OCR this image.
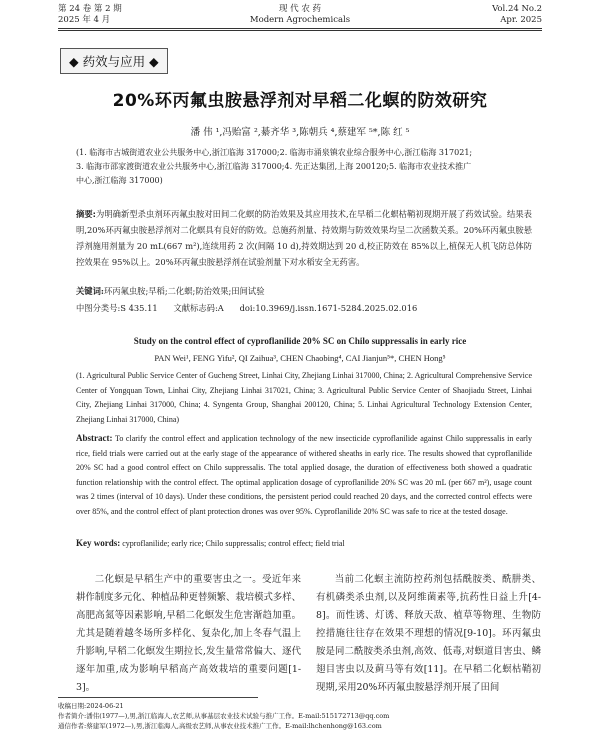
第 24 卷 第 2 期
2025 年 4 月
现 代 农 药
Modern Agrochemicals
Vol.24 No.2
Apr. 2025
◆ 药效与应用 ◆
20%环丙氟虫胺悬浮剂对早稻二化螟的防效研究
潘 伟 ¹,冯贻富 ²,綦齐华 ³,陈朝兵 ⁴,蔡建军 ⁵*,陈 红 ⁵
(1. 临海市古城街道农业公共服务中心,浙江临海 317000;2. 临海市涌泉镇农业综合服务中心,浙江临海 317021;
3. 临海市邵家渡街道农业公共服务中心,浙江临海 317000;4. 先正达集团,上海 200120;5. 临海市农业技术推广
中心,浙江临海 317000)
摘要:为明确新型杀虫剂环丙氟虫胺对田间二化螟的防治效果及其应用技术,在早稻二化螟枯鞘初现期开展了药效试验。结果表明,20%环丙氟虫胺悬浮剂对二化螟具有良好的防效。总施药剂量、持效期与防效效果均呈二次函数关系。20%环丙氟虫胺悬浮剂施用剂量为 20 mL(667 m²),连续用药 2 次(间隔 10 d),持效期达到 20 d,校正防效在 85%以上,植保无人机飞防总体防控效果在 95%以上。20%环丙氟虫胺悬浮剂在试验剂量下对水稻安全无药害。
关键词:环丙氟虫胺;早稻;二化螟;防治效果;田间试验
中图分类号:S 435.11 文献标志码:A doi:10.3969/j.issn.1671-5284.2025.02.016
Study on the control effect of cyproflanilide 20% SC on Chilo suppressalis in early rice
PAN Wei¹, FENG Yifu², QI Zaihua³, CHEN Chaobing⁴, CAI Jianjun⁵*, CHEN Hong⁵
(1. Agricultural Public Service Center of Gucheng Street, Linhai City, Zhejiang Linhai 317000, China; 2. Agricultural Comprehensive Service Center of Yongquan Town, Linhai City, Zhejiang Linhai 317021, China; 3. Agricultural Public Service Center of Shaojiadu Street, Linhai City, Zhejiang Linhai 317000, China; 4. Syngenta Group, Shanghai 200120, China; 5. Linhai Agricultural Technology Extension Center, Zhejiang Linhai 317000, China)
Abstract: To clarify the control effect and application technology of the new insecticide cyproflanilide against Chilo suppressalis in early rice, field trials were carried out at the early stage of the appearance of withered sheaths in early rice. The results showed that cyproflanilide 20% SC had a good control effect on Chilo suppressalis. The total applied dosage, the duration of effectiveness both showed a quadratic function relationship with the control effect. The optimal application dosage of cyproflanilide 20% SC was 20 mL (per 667 m²), usage count was 2 times (interval of 10 days). Under these conditions, the persistent period could reached 20 days, and the corrected control effects were over 85%, and the control effect of plant protection drones was over 95%. Cyproflanilide 20% SC was safe to rice at the tested dosage.
Key words: cyproflanilide; early rice; Chilo suppressalis; control effect; field trial
二化螟是早稻生产中的重要害虫之一。受近年来耕作制度多元化、种植品种更替频繁、栽培模式多样、高肥高氮等因素影响,早稻二化螟发生危害渐趋加重。尤其是随着越冬场所多样化、复杂化,加上冬春气温上升影响,早稻二化螟发生期拉长,发生量常常偏大、逐代逐年加重,成为影响早稻高产高效栽培的重要问题[1-3]。
当前二化螟主流防控药剂包括酰胺类、酰肼类、有机磷类杀虫剂,以及阿维菌素等,抗药性日益上升[4-8]。而性诱、灯诱、释放天敌、植草等物理、生物防控措施往往存在效果不理想的情况[9-10]。环丙氟虫胺是同二酰胺类杀虫剂,高效、低毒,对螟道目害虫、鳞翅目害虫以及蓟马等有效[11]。在早稻二化螟枯鞘初现期,采用20%环丙氟虫胺悬浮剂开展了田间
收稿日期:2024-06-21
作者简介:潘伟(1977—),男,浙江临海人,农艺师,从事基层农业技术试验与推广工作。E-mail:515172713@qq.com
通信作者:蔡建军(1972—),男,浙江临海人,高级农艺师,从事农业技术推广工作。E-mail:lhchenhong@163.com
